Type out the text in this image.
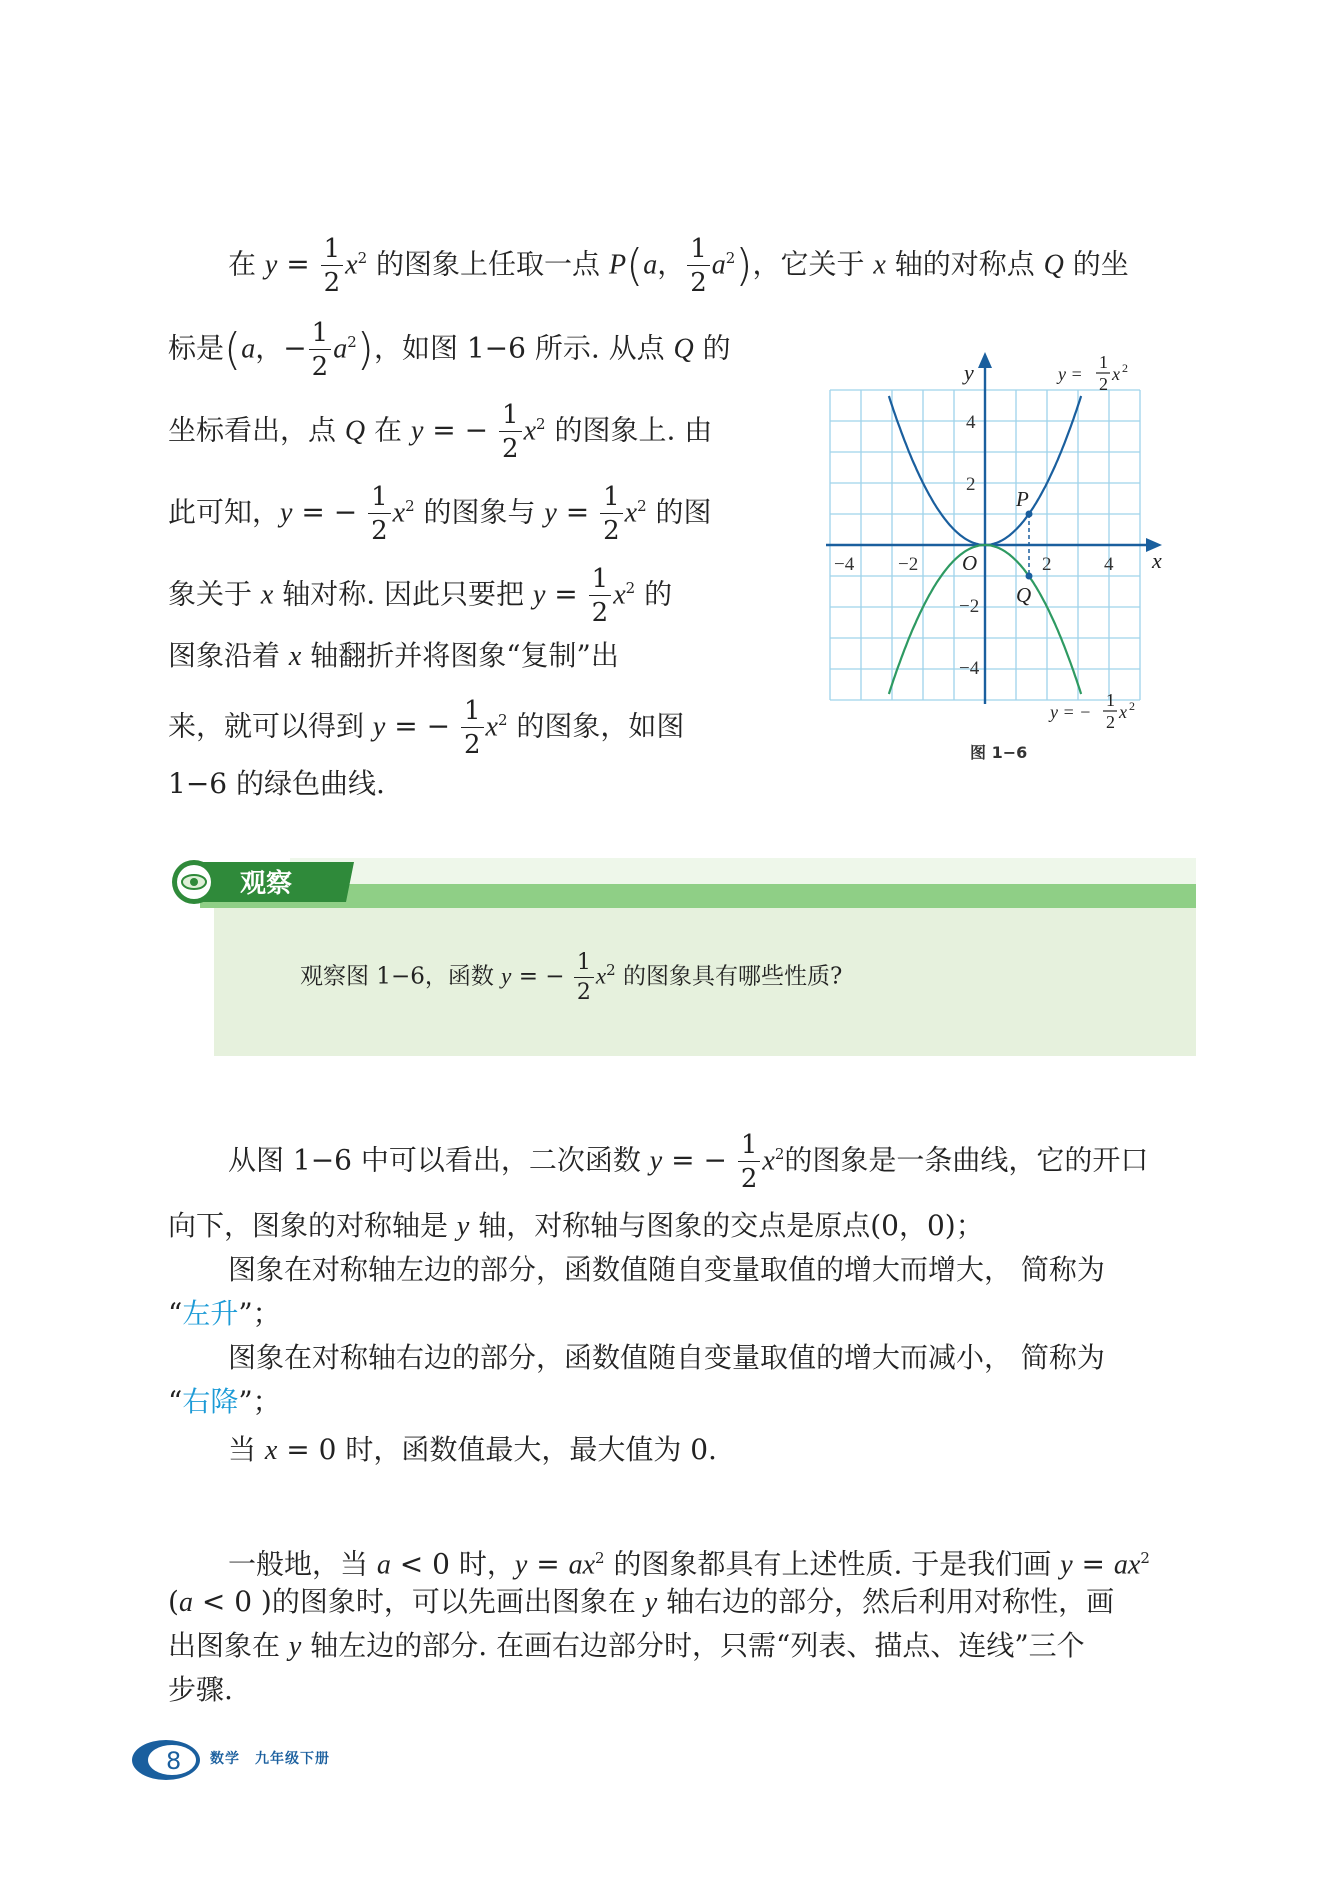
在 $y = \frac{1}{2} x^2$ 的图象上任取一点 P(a， $\frac{1}{2} a^2$)，它关于 x 轴的对称点 Q 的坐
标是(a，− $\frac{1}{2} a^2$)，如图 1−6 所示. 从点 Q 的
坐标看出，点 Q 在 y = − $\frac{1}{2} x^2$ 的图象上. 由
此可知，y = − $\frac{1}{2} x^2$ 的图象与 $y = \frac{1}{2} x^2$ 的图
象关于 x 轴对称. 因此只要把 $y = \frac{1}{2} x^2$ 的
图象沿着 x 轴翻折并将图象“复制”出
来，就可以得到 y = − $\frac{1}{2} x^2$ 的图象，如图
1−6 的绿色曲线.
−4 −2	2	4
4
2
−2
−4
O	x
y
P
Q
y =
1
2 x 2
y = −
1
2 x 2
图 1−6
观察图 1−6，函数 y = − $\frac{1}{2} x^2$ 的图象具有哪些性质?
观察
从图 1−6 中可以看出，二次函数 y = − $\frac{1}{2} x^2$的图象是一条曲线，它的开口
向下，图象的对称轴是 y 轴，对称轴与图象的交点是原点(0，0)；
图象在对称轴左边的部分，函数值随自变量取值的增大而增大， 简称为
“左升”；
图象在对称轴右边的部分，函数值随自变量取值的增大而减小， 简称为
“右降”；
当 x = 0 时，函数值最大，最大值为 0.
一般地，当 a < 0 时，$y = ax^2$ 的图象都具有上述性质. 于是我们画 $y = ax^2$
(a < 0 )的图象时，可以先画出图象在 y 轴右边的部分，然后利用对称性，画
出图象在 y 轴左边的部分. 在画右边部分时，只需“列表、描点、连线”三个
步骤.
8 数学　九年级下册
